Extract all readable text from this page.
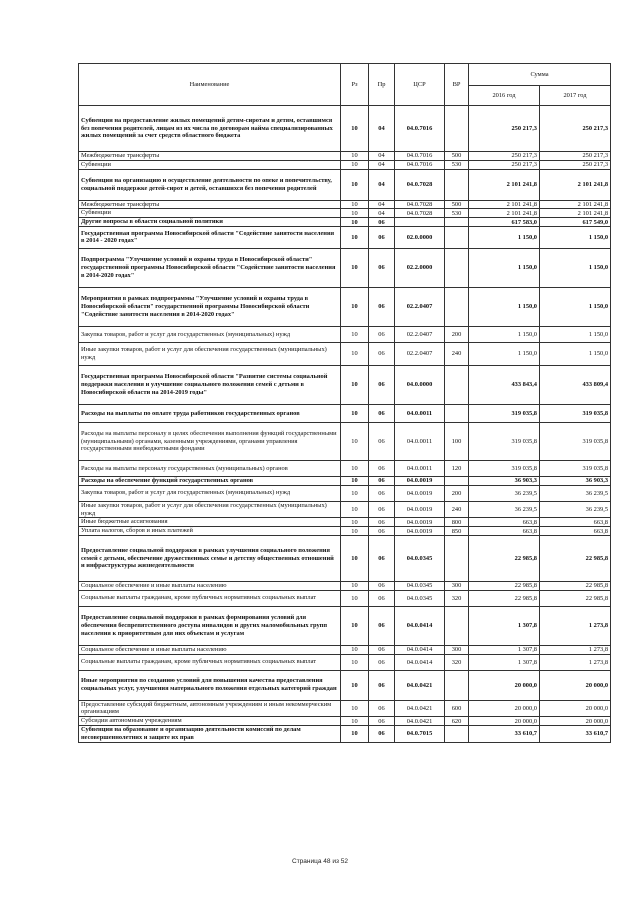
Наименование	Рз	Пр	ЦСР	ВР	Сумма	
					2016 год	2017 год
Субвенции на предоставление жилых помещений детям-сиротам и детям, оставшимся без попечения родителей, лицам из их числа по договорам найма специализированных жилых помещений за счет средств областного бюджета	10	04	04.0.7016		250 217,3	250 217,3
Межбюджетные трансферты	10	04	04.0.7016	500	250 217,3	250 217,3
Субвенции	10	04	04.0.7016	530	250 217,3	250 217,3
Субвенции на организацию и осуществление деятельности по опеке и попечительству, социальной поддержке детей-сирот и детей, оставшихся без попечения родителей	10	04	04.0.7028		2 101 241,8	2 101 241,8
Межбюджетные трансферты	10	04	04.0.7028	500	2 101 241,8	2 101 241,8
Субвенции	10	04	04.0.7028	530	2 101 241,8	2 101 241,8
Другие вопросы в области социальной политики	10	06			617 583,0	617 549,0
Государственная программа Новосибирской области "Содействие занятости населения в 2014 - 2020 годах"	10	06	02.0.0000		1 150,0	1 150,0
Подпрограмма "Улучшение условий и охраны труда в Новосибирской области" государственной программы Новосибирской области "Содействие занятости населения в 2014-2020 годах"	10	06	02.2.0000		1 150,0	1 150,0
Мероприятия в рамках подпрограммы "Улучшение условий и охраны труда в Новосибирской области" государственной программы Новосибирской области "Содействие занятости населения в 2014-2020 годах"	10	06	02.2.0407		1 150,0	1 150,0
Закупка товаров, работ и услуг для государственных (муниципальных) нужд	10	06	02.2.0407	200	1 150,0	1 150,0
Иные закупки товаров, работ и услуг для обеспечения государственных (муниципальных) нужд	10	06	02.2.0407	240	1 150,0	1 150,0
Государственная программа Новосибирской области "Развитие системы социальной поддержки населения и улучшение социального положения семей с детьми в Новосибирской области на 2014-2019 годы"	10	06	04.0.0000		433 843,4	433 809,4
Расходы на выплаты по оплате труда работников государственных органов	10	06	04.0.0011		319 035,8	319 035,8
Расходы на выплаты персоналу в целях обеспечения выполнения функций государственными (муниципальными) органами, казенными учреждениями, органами управления государственными внебюджетными фондами	10	06	04.0.0011	100	319 035,8	319 035,8
Расходы на выплаты персоналу государственных (муниципальных) органов	10	06	04.0.0011	120	319 035,8	319 035,8
Расходы на обеспечение функций государственных органов	10	06	04.0.0019		36 903,3	36 903,3
Закупка товаров, работ и услуг для государственных (муниципальных) нужд	10	06	04.0.0019	200	36 239,5	36 239,5
Иные закупки товаров, работ и услуг для обеспечения государственных (муниципальных) нужд	10	06	04.0.0019	240	36 239,5	36 239,5
Иные бюджетные ассигнования	10	06	04.0.0019	800	663,8	663,8
Уплата налогов, сборов и иных платежей	10	06	04.0.0019	850	663,8	663,8
Предоставление социальной поддержки в рамках улучшения социального положения семей с детьми, обеспечение дружественных семье и детству общественных отношений и инфраструктуры жизнедеятельности	10	06	04.0.0345		22 985,8	22 985,8
Социальное обеспечение и иные выплаты населению	10	06	04.0.0345	300	22 985,8	22 985,8
Социальные выплаты гражданам, кроме публичных нормативных социальных выплат	10	06	04.0.0345	320	22 985,8	22 985,8
Предоставление социальной поддержки в рамках формирования условий для обеспечения беспрепятственного доступа инвалидов и других маломобильных групп населения к приоритетным для них объектам и услугам	10	06	04.0.0414		1 307,8	1 273,8
Социальное обеспечение и иные выплаты населению	10	06	04.0.0414	300	1 307,8	1 273,8
Социальные выплаты гражданам, кроме публичных нормативных социальных выплат	10	06	04.0.0414	320	1 307,8	1 273,8
Иные мероприятия по созданию условий для повышения качества предоставления социальных услуг, улучшения материального положения отдельных категорий граждан	10	06	04.0.0421		20 000,0	20 000,0
Предоставление субсидий бюджетным, автономным учреждениям и иным некоммерческим организациям	10	06	04.0.0421	600	20 000,0	20 000,0
Субсидии автономным учреждениям	10	06	04.0.0421	620	20 000,0	20 000,0
Субвенции на образование и организацию деятельности комиссий по делам несовершеннолетних и защите их прав	10	06	04.0.7015		33 610,7	33 610,7
Страница 48 из 52
